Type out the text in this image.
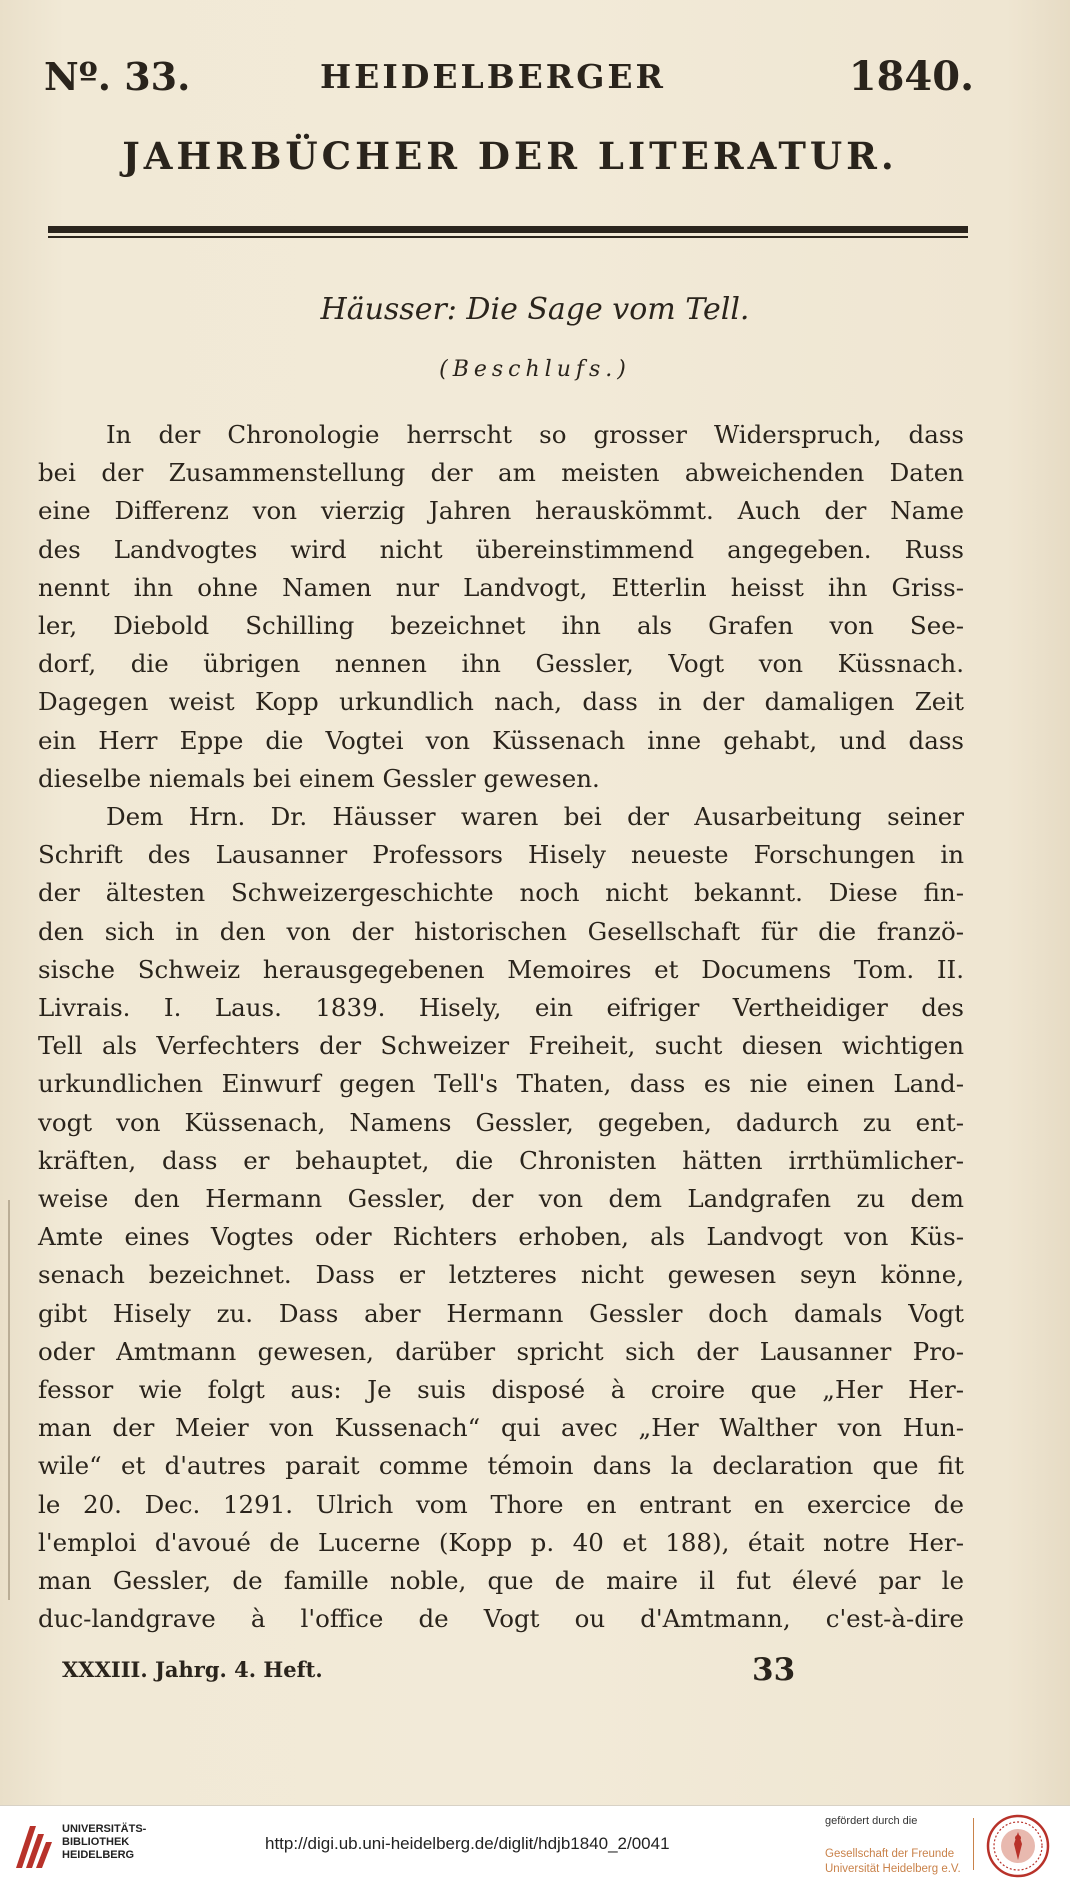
Nº. 33.	HEIDELBERGER	1840.
JAHRBÜCHER DER LITERATUR.
Häusser: Die Sage vom Tell.
(Beschlufs.)

In der Chronologie herrscht so grosser Widerspruch, dass
bei der Zusammenstellung der am meisten abweichenden Daten
eine Differenz von vierzig Jahren herauskömmt. Auch der Name
des Landvogtes wird nicht übereinstimmend angegeben. Russ
nennt ihn ohne Namen nur Landvogt, Etterlin heisst ihn Griss-
ler, Diebold Schilling bezeichnet ihn als Grafen von See-
dorf, die übrigen nennen ihn Gessler, Vogt von Küssnach.
Dagegen weist Kopp urkundlich nach, dass in der damaligen Zeit
ein Herr Eppe die Vogtei von Küssenach inne gehabt, und dass
dieselbe niemals bei einem Gessler gewesen.

Dem Hrn. Dr. Häusser waren bei der Ausarbeitung seiner
Schrift des Lausanner Professors Hisely neueste Forschungen in
der ältesten Schweizergeschichte noch nicht bekannt. Diese fin-
den sich in den von der historischen Gesellschaft für die franzö-
sische Schweiz herausgegebenen Memoires et Documens Tom. II.
Livrais. I. Laus. 1839. Hisely, ein eifriger Vertheidiger des
Tell als Verfechters der Schweizer Freiheit, sucht diesen wichtigen
urkundlichen Einwurf gegen Tell's Thaten, dass es nie einen Land-
vogt von Küssenach, Namens Gessler, gegeben, dadurch zu ent-
kräften, dass er behauptet, die Chronisten hätten irrthümlicher-
weise den Hermann Gessler, der von dem Landgrafen zu dem
Amte eines Vogtes oder Richters erhoben, als Landvogt von Küs-
senach bezeichnet. Dass er letzteres nicht gewesen seyn könne,
gibt Hisely zu. Dass aber Hermann Gessler doch damals Vogt
oder Amtmann gewesen, darüber spricht sich der Lausanner Pro-
fessor wie folgt aus: Je suis disposé à croire que „Her Her-
man der Meier von Kussenach“ qui avec „Her Walther von Hun-
wile“ et d'autres parait comme témoin dans la declaration que fit
le 20. Dec. 1291. Ulrich vom Thore en entrant en exercice de
l'emploi d'avoué de Lucerne (Kopp p. 40 et 188), était notre Her-
man Gessler, de famille noble, que de maire il fut élevé par le
duc-landgrave à l'office de Vogt ou d'Amtmann, c'est-à-dire

XXXIII. Jahrg. 4. Heft.	33
UNIVERSITÄTS-
BIBLIOTHEK
HEIDELBERG
http://digi.ub.uni-heidelberg.de/diglit/hdjb1840_2/0041
gefördert durch die
Gesellschaft der Freunde
Universität Heidelberg e.V.
